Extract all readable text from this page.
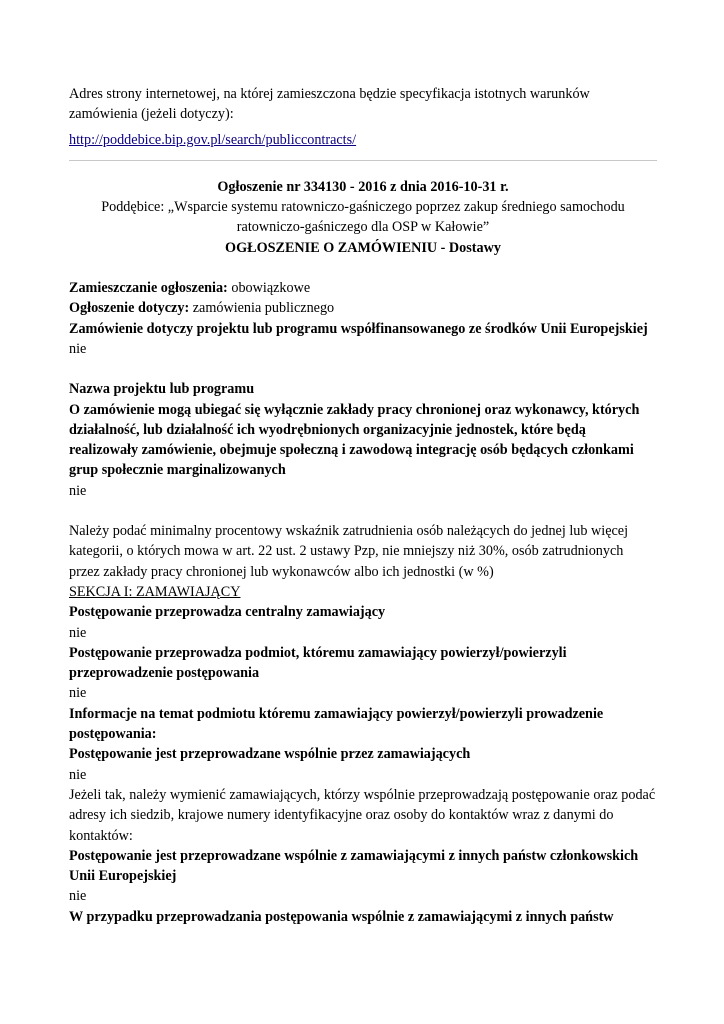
Adres strony internetowej, na której zamieszczona będzie specyfikacja istotnych warunków zamówienia (jeżeli dotyczy):

http://poddebice.bip.gov.pl/search/publiccontracts/

Ogłoszenie nr 334130 - 2016 z dnia 2016-10-31 r.

Poddębice: „Wsparcie systemu ratowniczo-gaśniczego poprzez zakup średniego samochodu ratowniczo-gaśniczego dla OSP w Kałowie”

OGŁOSZENIE O ZAMÓWIENIU - Dostawy

Zamieszczanie ogłoszenia: obowiązkowe

Ogłoszenie dotyczy: zamówienia publicznego

Zamówienie dotyczy projektu lub programu współfinansowanego ze środków Unii Europejskiej

nie

Nazwa projektu lub programu

O zamówienie mogą ubiegać się wyłącznie zakłady pracy chronionej oraz wykonawcy, których działalność, lub działalność ich wyodrębnionych organizacyjnie jednostek, które będą realizowały zamówienie, obejmuje społeczną i zawodową integrację osób będących członkami grup społecznie marginalizowanych

nie

Należy podać minimalny procentowy wskaźnik zatrudnienia osób należących do jednej lub więcej kategorii, o których mowa w art. 22 ust. 2 ustawy Pzp, nie mniejszy niż 30%, osób zatrudnionych przez zakłady pracy chronionej lub wykonawców albo ich jednostki (w %)

SEKCJA I: ZAMAWIAJĄCY

Postępowanie przeprowadza centralny zamawiający

nie

Postępowanie przeprowadza podmiot, któremu zamawiający powierzył/powierzyli przeprowadzenie postępowania

nie

Informacje na temat podmiotu któremu zamawiający powierzył/powierzyli prowadzenie postępowania:

Postępowanie jest przeprowadzane wspólnie przez zamawiających

nie

Jeżeli tak, należy wymienić zamawiających, którzy wspólnie przeprowadzają postępowanie oraz podać adresy ich siedzib, krajowe numery identyfikacyjne oraz osoby do kontaktów wraz z danymi do kontaktów:

Postępowanie jest przeprowadzane wspólnie z zamawiającymi z innych państw członkowskich Unii Europejskiej

nie

W przypadku przeprowadzania postępowania wspólnie z zamawiającymi z innych państw
